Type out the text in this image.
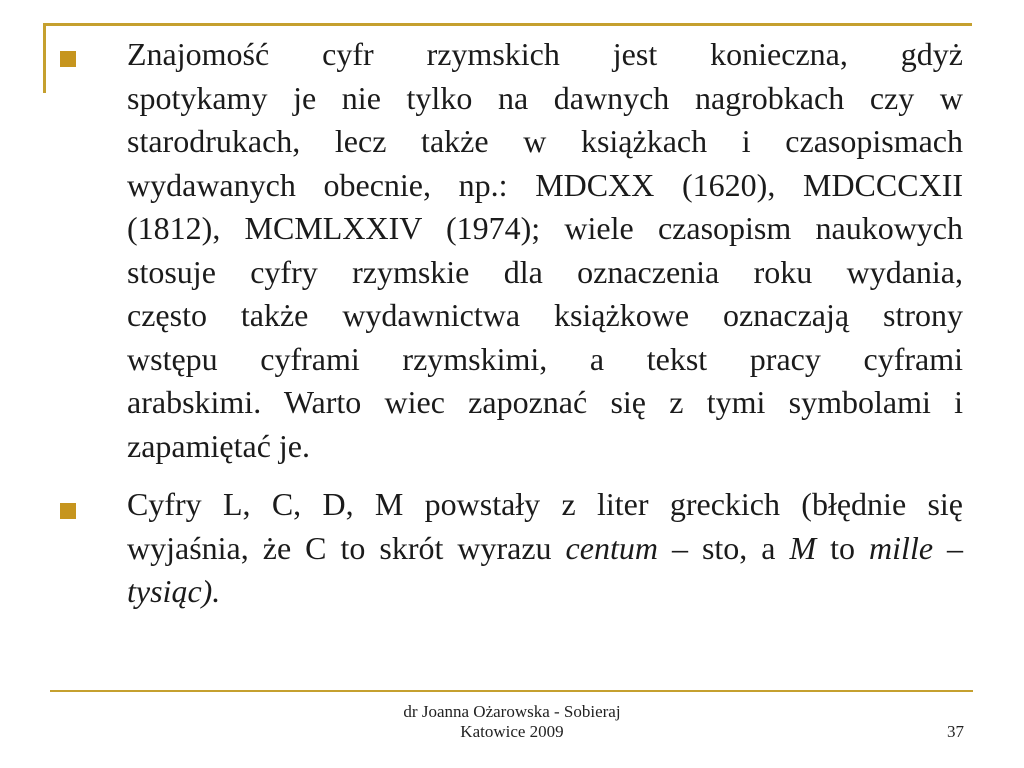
Znajomość cyfr rzymskich jest konieczna, gdyż
spotykamy je nie tylko na dawnych nagrobkach czy w
starodrukach, lecz także w książkach i czasopismach
wydawanych obecnie, np.: MDCXX (1620), MDCCCXII
(1812), MCMLXXIV (1974); wiele czasopism naukowych
stosuje cyfry rzymskie dla oznaczenia roku wydania,
często także wydawnictwa książkowe oznaczają strony
wstępu cyframi rzymskimi, a tekst pracy cyframi
arabskimi. Warto wiec zapoznać się z tymi symbolami i
zapamiętać je.
Cyfry L, C, D, M powstały z liter greckich (błędnie się
wyjaśnia, że C to skrót wyrazu centum – sto, a M to mille –
tysiąc).
dr Joanna Ożarowska - Sobieraj
Katowice 2009	37
